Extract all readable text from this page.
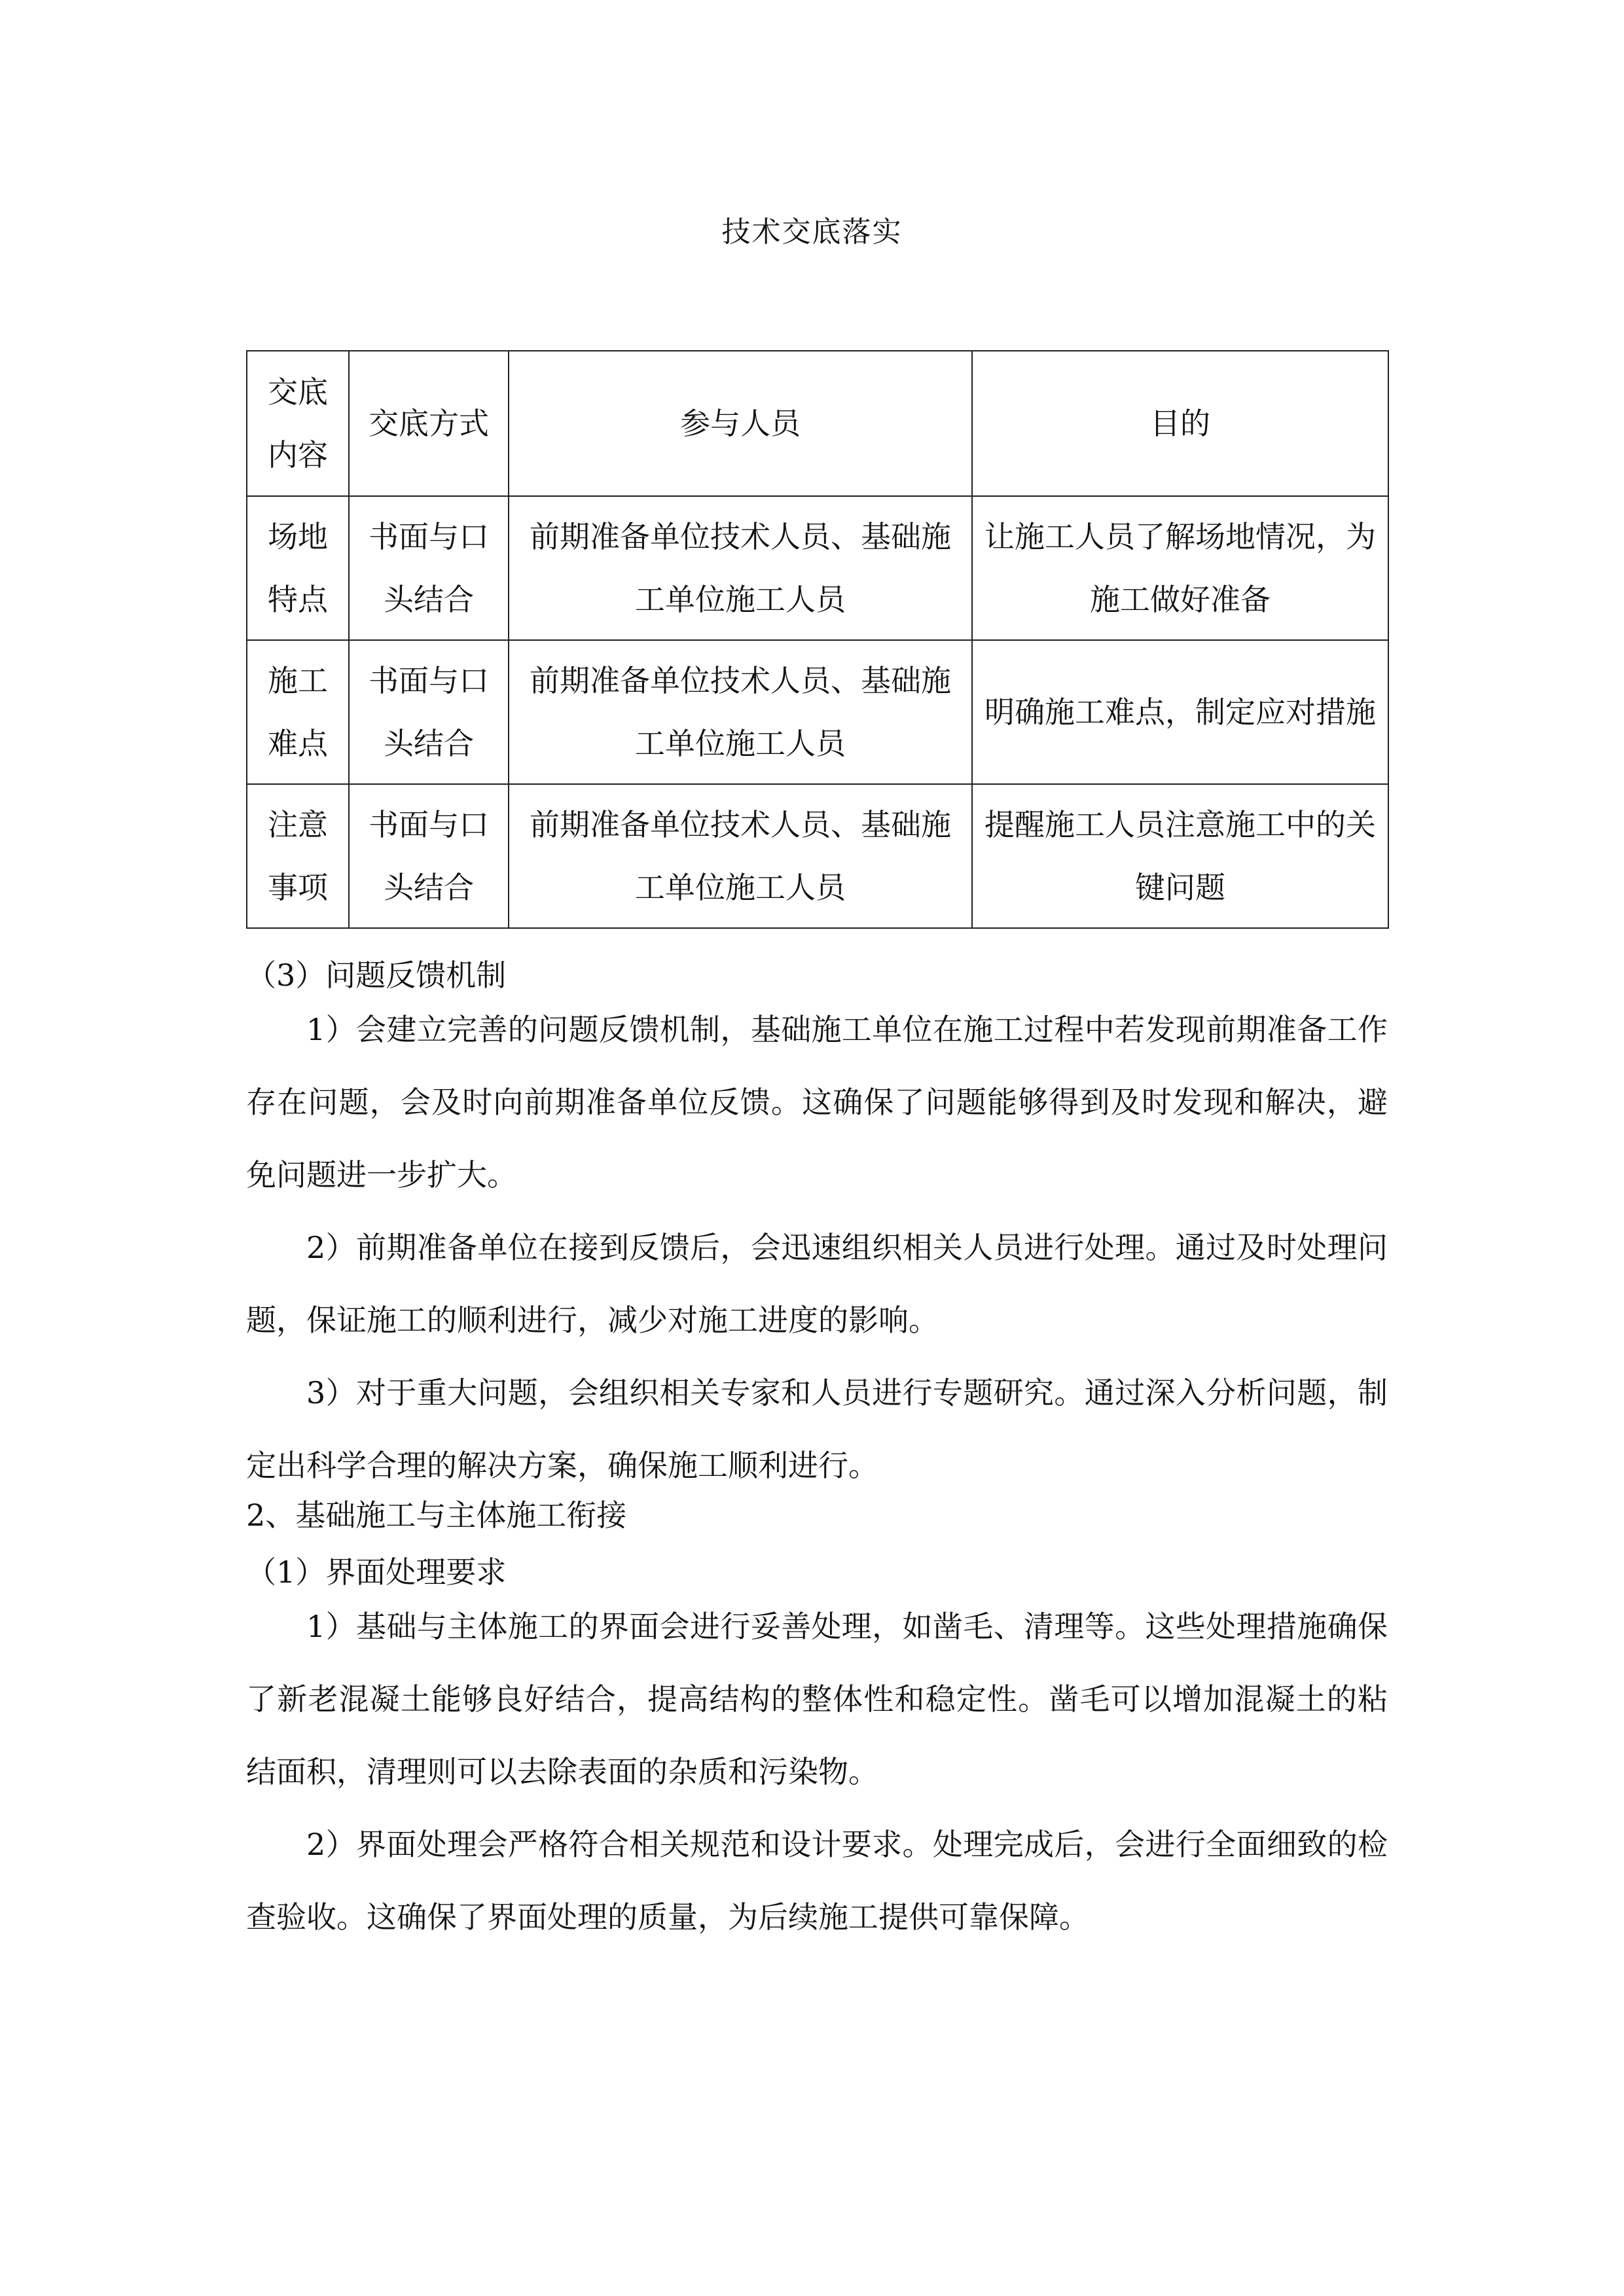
技术交底落实
交底内容	交底方式	参与人员	目的
场地特点	书面与口头结合	前期准备单位技术人员、基础施工单位施工人员	让施工人员了解场地情况，为施工做好准备
施工难点	书面与口头结合	前期准备单位技术人员、基础施工单位施工人员	明确施工难点，制定应对措施
注意事项	书面与口头结合	前期准备单位技术人员、基础施工单位施工人员	提醒施工人员注意施工中的关键问题
（3）问题反馈机制

1）会建立完善的问题反馈机制，基础施工单位在施工过程中若发现前期准备工作存在问题，会及时向前期准备单位反馈。这确保了问题能够得到及时发现和解决，避免问题进一步扩大。

2）前期准备单位在接到反馈后，会迅速组织相关人员进行处理。通过及时处理问题，保证施工的顺利进行，减少对施工进度的影响。

3）对于重大问题，会组织相关专家和人员进行专题研究。通过深入分析问题，制定出科学合理的解决方案，确保施工顺利进行。

2、基础施工与主体施工衔接
（1）界面处理要求

1）基础与主体施工的界面会进行妥善处理，如凿毛、清理等。这些处理措施确保了新老混凝土能够良好结合，提高结构的整体性和稳定性。凿毛可以增加混凝土的粘结面积，清理则可以去除表面的杂质和污染物。

2）界面处理会严格符合相关规范和设计要求。处理完成后，会进行全面细致的检查验收。这确保了界面处理的质量，为后续施工提供可靠保障。
